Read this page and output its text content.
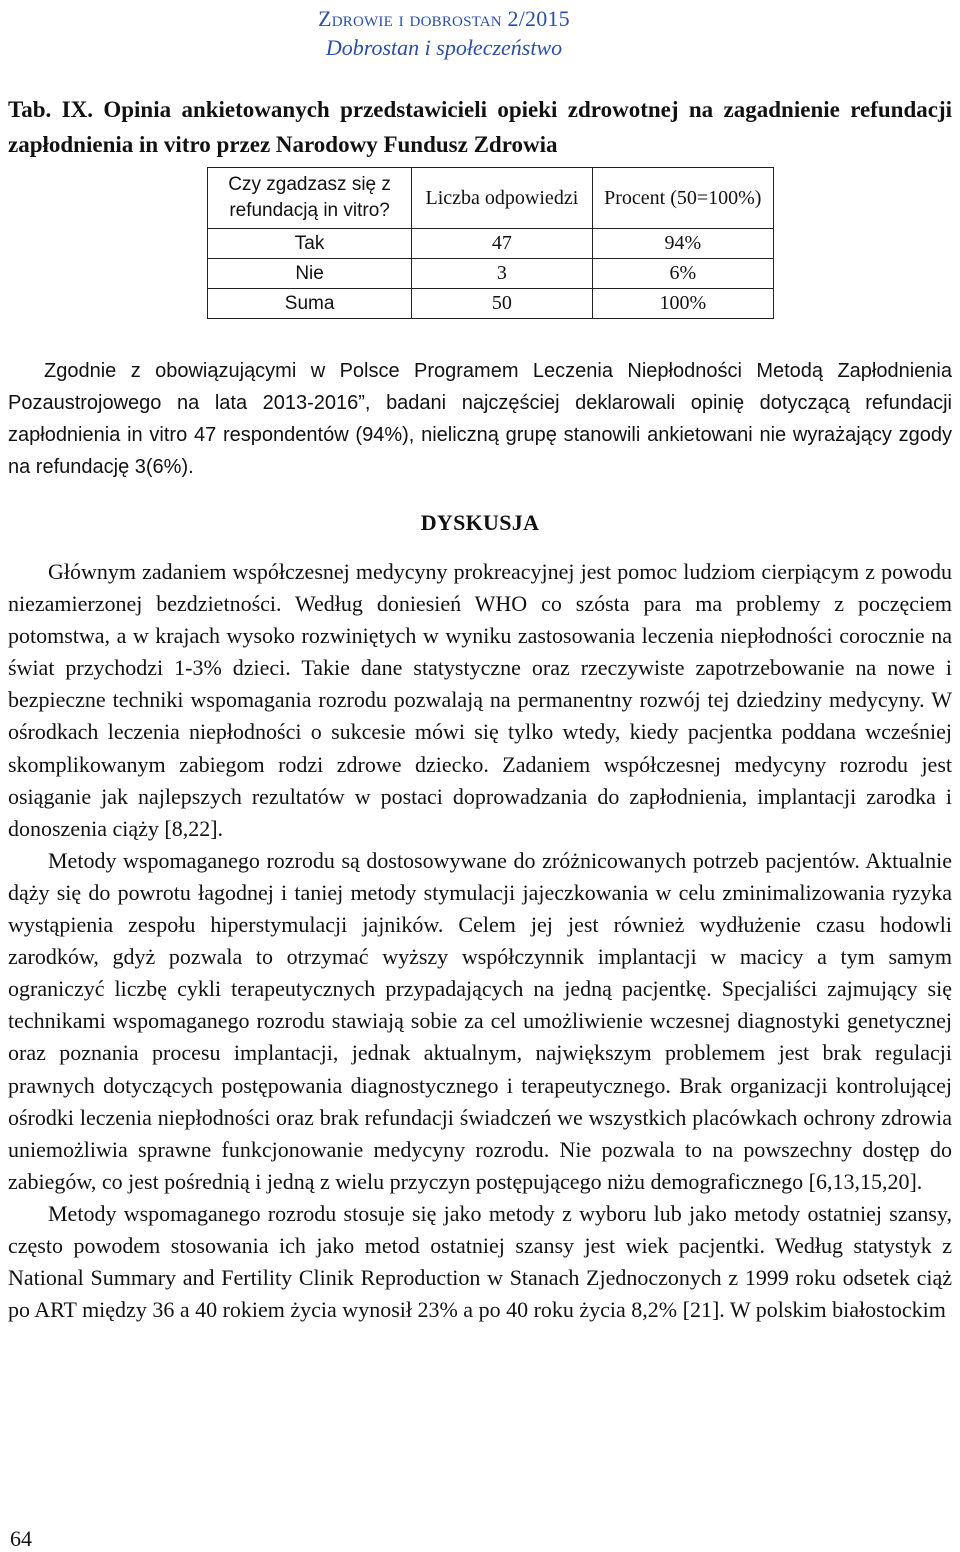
Zdrowie i dobrostan 2/2015
Dobrostan i społeczeństwo
Tab. IX. Opinia ankietowanych przedstawicieli opieki zdrowotnej na zagadnienie refundacji zapłodnienia in vitro przez Narodowy Fundusz Zdrowia
Czy zgadzasz się z refundacją in vitro?	Liczba odpowiedzi	Procent (50=100%)
Tak	47	94%
Nie	3	6%
Suma	50	100%

Zgodnie z obowiązującymi w Polsce Programem Leczenia Niepłodności Metodą Zapłodnienia Pozaustrojowego na lata 2013-2016”, badani najczęściej deklarowali opinię dotyczącą refundacji zapłodnienia in vitro 47 respondentów (94%), nieliczną grupę stanowili ankietowani nie wyrażający zgody na refundację 3(6%).

DYSKUSJA

Głównym zadaniem współczesnej medycyny prokreacyjnej jest pomoc ludziom cierpiącym z powodu niezamierzonej bezdzietności. Według doniesień WHO co szósta para ma problemy z poczęciem potomstwa, a w krajach wysoko rozwiniętych w wyniku zastosowania leczenia niepłodności corocznie na świat przychodzi 1-3% dzieci. Takie dane statystyczne oraz rzeczywiste zapotrzebowanie na nowe i bezpieczne techniki wspomagania rozrodu pozwalają na permanentny rozwój tej dziedziny medycyny. W ośrodkach leczenia niepłodności o sukcesie mówi się tylko wtedy, kiedy pacjentka poddana wcześniej skomplikowanym zabiegom rodzi zdrowe dziecko. Zadaniem współczesnej medycyny rozrodu jest osiąganie jak najlepszych rezultatów w postaci doprowadzania do zapłodnienia, implantacji zarodka i donoszenia ciąży [8,22].

Metody wspomaganego rozrodu są dostosowywane do zróżnicowanych potrzeb pacjentów. Aktualnie dąży się do powrotu łagodnej i taniej metody stymulacji jajeczkowania w celu zminimalizowania ryzyka wystąpienia zespołu hiperstymulacji jajników. Celem jej jest również wydłużenie czasu hodowli zarodków, gdyż pozwala to otrzymać wyższy współczynnik implantacji w macicy a tym samym ograniczyć liczbę cykli terapeutycznych przypadających na jedną pacjentkę. Specjaliści zajmujący się technikami wspomaganego rozrodu stawiają sobie za cel umożliwienie wczesnej diagnostyki genetycznej oraz poznania procesu implantacji, jednak aktualnym, największym problemem jest brak regulacji prawnych dotyczących postępowania diagnostycznego i terapeutycznego. Brak organizacji kontrolującej ośrodki leczenia niepłodności oraz brak refundacji świadczeń we wszystkich placówkach ochrony zdrowia uniemożliwia sprawne funkcjonowanie medycyny rozrodu. Nie pozwala to na powszechny dostęp do zabiegów, co jest pośrednią i jedną z wielu przyczyn postępującego niżu demograficznego [6,13,15,20].

Metody wspomaganego rozrodu stosuje się jako metody z wyboru lub jako metody ostatniej szansy, często powodem stosowania ich jako metod ostatniej szansy jest wiek pacjentki. Według statystyk z National Summary and Fertility Clinik Reproduction w Stanach Zjednoczonych z 1999 roku odsetek ciąż po ART między 36 a 40 rokiem życia wynosił 23% a po 40 roku życia 8,2% [21]. W polskim białostockim

64
